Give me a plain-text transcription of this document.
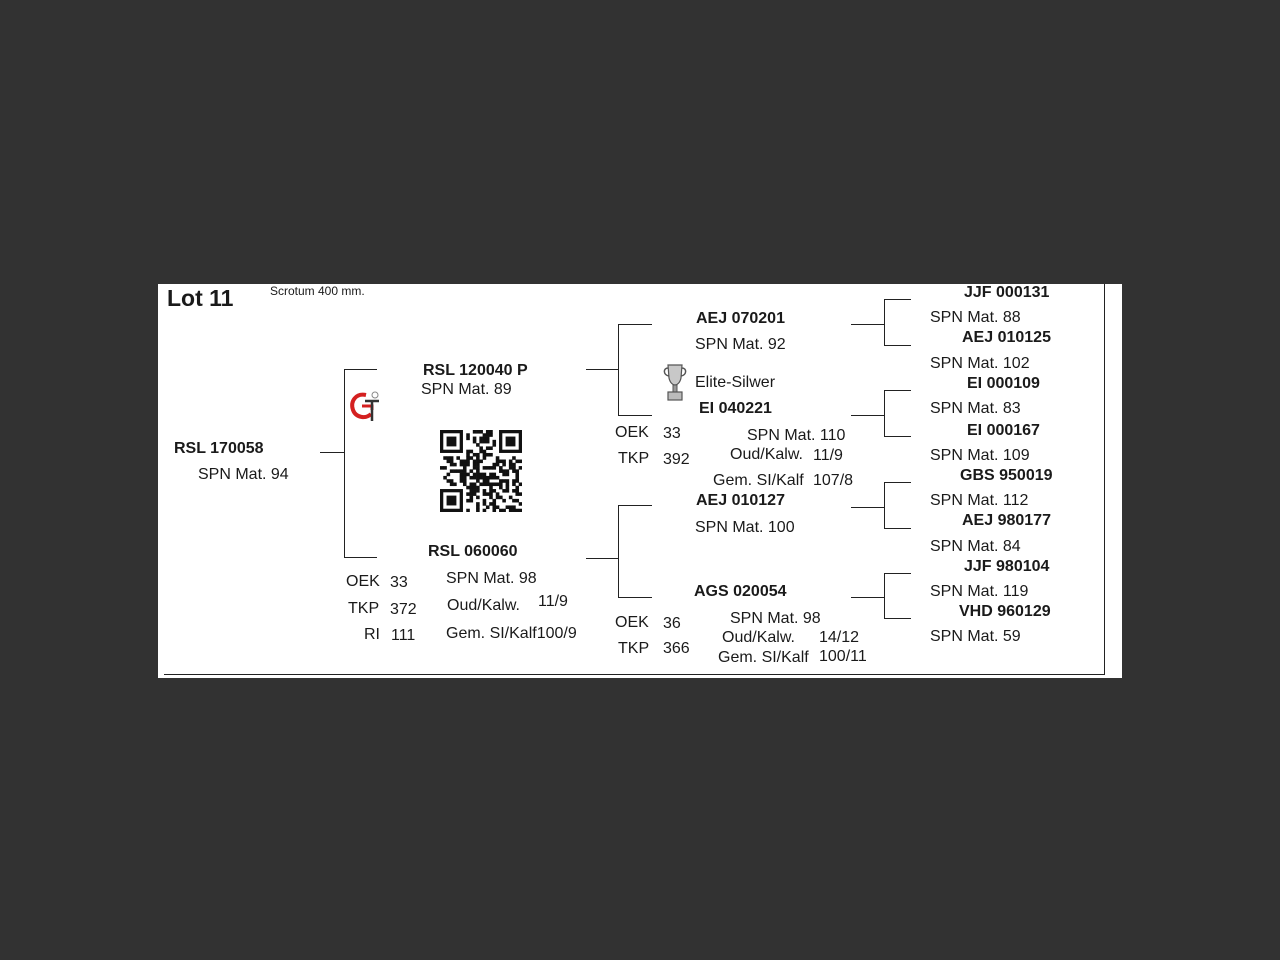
Lot 11	Scrotum 400 mm.
RSL 170058
SPN Mat. 94
RSL 120040 P
SPN Mat. 89
RSL 060060
SPN Mat. 98
OEK 33
TKP 372
RI 111
Oud/Kalw. 11/9
Gem. SI/Kalf100/9
AEJ 070201
SPN Mat. 92
Elite-Silwer
EI 040221
OEK 33
TKP 392
SPN Mat. 110
Oud/Kalw. 11/9
Gem. SI/Kalf 107/8
AEJ 010127
SPN Mat. 100
AGS 020054
SPN Mat. 98
OEK 36
TKP 366
Oud/Kalw. 14/12
Gem. SI/Kalf 100/11
JJF 000131
SPN Mat. 88
AEJ 010125
SPN Mat. 102
EI 000109
SPN Mat. 83
EI 000167
SPN Mat. 109
GBS 950019
SPN Mat. 112
AEJ 980177
SPN Mat. 84
JJF 980104
SPN Mat. 119
VHD 960129
SPN Mat. 59
